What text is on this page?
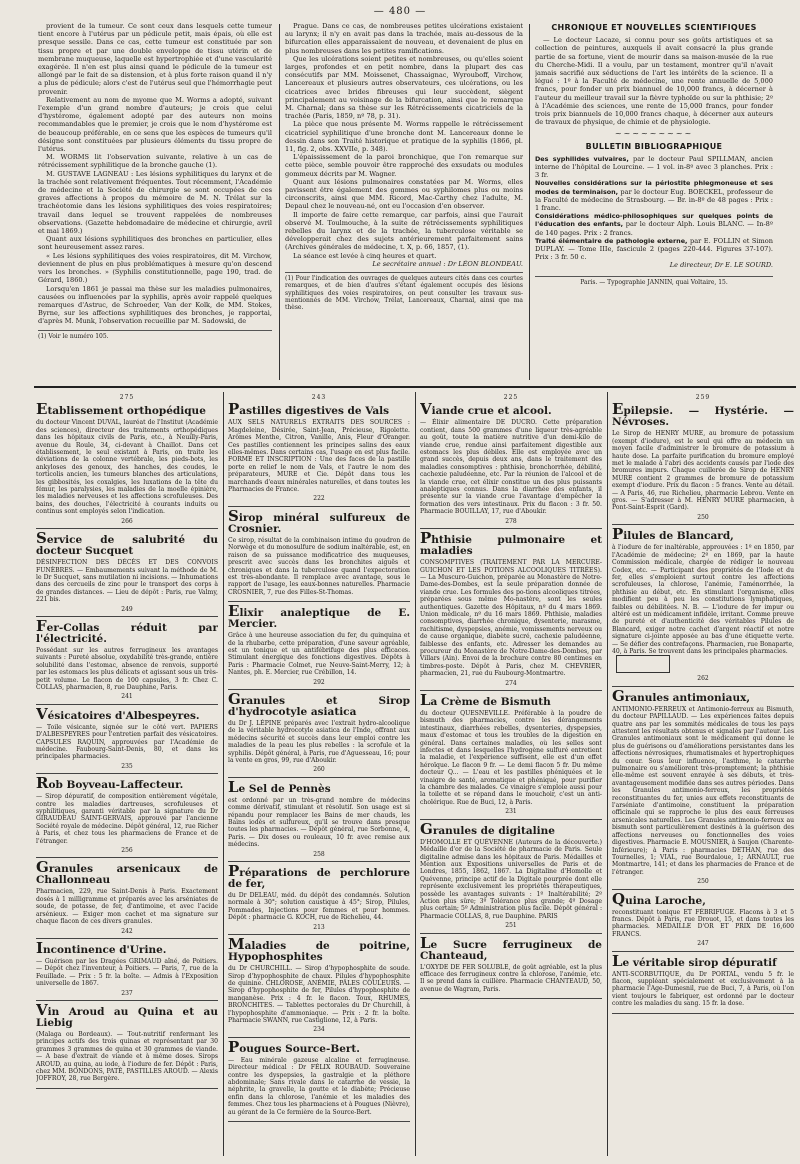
— 480 —

provient de la tumeur. Ce sont ceux dans lesquels cette tumeur tient encore à l'utérus par un pédicule petit, mais épais, où elle est presque sessile. Dans ce cas, cette tumeur est constituée par son tissu propre et par une double enveloppe de tissu utérin et de membrane muqueuse, laquelle est hypertrophiée et d'une vascularité exagérée. Il n'en est plus ainsi quand le pédicule de la tumeur est allongé par le fait de sa distension, et à plus forte raison quand il n'y a plus de pédicule; alors c'est de l'utérus seul que l'hémorrhagie peut provenir.

Relativement au nom de myome que M. Worms a adopté, suivant l'exemple d'un grand nombre d'auteurs; je crois que celui d'hystérome, également adopté par des auteurs non moins recommandables que le premier, je crois que le nom d'hystérome est de beaucoup préférable, en ce sens que les espèces de tumeurs qu'il désigne sont constituées par plusieurs éléments du tissu propre de l'utérus.

M. WORMS lit l'observation suivante, relative à un cas de rétrécissement syphilitique de la bronche gauche (1).

M. GUSTAVE LAGNEAU : Les lésions syphilitiques du larynx et de la trachée sont relativement fréquentes. Tout récemment, l'Académie de médecine et la Société de chirurgie se sont occupées de ces graves affections à propos du mémoire de M. N. Trélat sur la trachéotomie dans les lésions syphilitiques des voies respiratoires; travail dans lequel se trouvent rappelées de nombreuses observations. (Gazette hebdomadaire de médecine et chirurgie, avril et mai 1869.)

Quant aux lésions syphilitiques des bronches en particulier, elles sont heureusement assez rares.

« Les lésions syphilitiques des voies respiratoires, dit M. Virchow, deviennent de plus en plus problématiques à mesure qu'on descend vers les bronches. » (Syphilis constitutionnelle, page 190, trad. de Gérard, 1860.)

Lorsqu'en 1861 je passai ma thèse sur les maladies pulmonaires, causées ou influencées par la syphilis, après avoir rappelé quelques remarques d'Astruc, de Schroeder, Van der Kolk, de MM. Stokes, Byrne, sur les affections syphilitiques des bronches, je rapportai, d'après M. Munk, l'observation recueillie par M. Sadowski, de

(1) Voir le numéro 105.

Prague. Dans ce cas, de nombreuses petites ulcérations existaient au larynx; il n'y en avait pas dans la trachée, mais au-dessous de la bifurcation elles apparaissaient de nouveau, et devenaient de plus en plus nombreuses dans les petites ramifications.

Que les ulcérations soient petites et nombreuses, ou qu'elles soient larges, profondes et en petit nombre, dans la plupart des cas consécutifs par MM. Moissenet, Chassaignac, Wyrouboff, Virchow, Lancereaux et plusieurs autres observateurs, ces ulcérations, ou les cicatrices avec brides fibreuses qui leur succèdent, siègent principalement au voisinage de la bifurcation, ainsi que le remarque M. Charnal; dans sa thèse sur les Rétrécissements cicatriciels de la trachée (Paris, 1859, nº 78, p. 31).

La pièce que nous présente M. Worms rappelle le rétrécissement cicatriciel syphilitique d'une bronche dont M. Lancereaux donne le dessin dans son Traité historique et pratique de la syphilis (1866, pl. 11, fig. 2, obs. XXVIIe, p. 348).

L'épaississement de la paroi bronchique, que l'on remarque sur cette pièce, semble pouvoir être rapproché des exsudats ou modules gommeux décrits par M. Wagner.

Quant aux lésions pulmonaires constatées par M. Worms, elles pavissent être également des gommes ou syphilomes plus ou moins circonscrits, ainsi que MM. Ricord, Mac-Carthy chez l'adulte, M. Depaul chez le nouveau-né, ont eu l'occasion d'en observer.

Il importe de faire cette remarque, car parfois, ainsi que l'aurait observé M. Toulmouche, à la suite de rétrécissements syphilitiques rebelles du larynx et de la trachée, la tuberculose véritable se développerait chez des sujets antérieurement parfaitement sains (Archives générales de médecine, t. X, p. 66, 1857, (1).

La séance est levée à cinq heures et quart.

Le secrétaire annuel : Dr LÉON BLONDEAU.

(1) Pour l'indication des ouvrages de quelques auteurs cités dans ces courtes remarques, et de bien d'autres s'étant également occupés des lésions syphilitiques des voies respiratoires, on peut consulter les travaux sus-mentionnés de MM. Virchow, Trélat, Lancereaux, Charnal, ainsi que ma thèse.
CHRONIQUE ET NOUVELLES SCIENTIFIQUES

— Le docteur Lacaze, si connu pour ses goûts artistiques et sa collection de peintures, auxquels il avait consacré la plus grande partie de sa fortune, vient de mourir dans sa maison-musée de la rue du Cherche-Midi. Il a voulu, par un testament, montrer qu'il n'avait jamais sacrifié aux séductions de l'art les intérêts de la science. Il a légué : 1º à la Faculté de médecine, une rente annuelle de 5,000 francs, pour fonder un prix biannuel de 10,000 francs, à décerner à l'auteur du meilleur travail sur la fièvre typhoïde ou sur la phthisie; 2º à l'Académie des sciences, une rente de 15,000 francs, pour fonder trois prix biannuels de 10,000 francs chaque, à décerner aux auteurs de travaux de physique, de chimie et de physiologie.

~~~~~~~~~
BULLETIN BIBLIOGRAPHIQUE

Des syphilides vulvaires, par le docteur Paul SPILLMAN, ancien interne de l'hôpital de Lourcine. — 1 vol. in-8º avec 3 planches. Prix : 3 fr.

Nouvelles considérations sur la périostite phlegmoneuse et ses modes de terminaison, par le docteur Eug. BOECKEL, professeur de la Faculté de médecine de Strasbourg. — Br. in-8º de 48 pages : Prix : 1 franc.

Considérations médico-philosophiques sur quelques points de l'éducation des enfants, par le docteur Alph. Louis BLANC. — In-8º de 140 pages. Prix : 2 francs.

Traité élémentaire de pathologie externe, par E. FOLLIN et Simon DUPLAY. — Tome IIIe, fascicule 2 (pages 220-444. Figures 37-107). Prix : 3 fr. 50 c.

Le directeur, Dr E. LE SOURD.

Paris. — Typographie JANNIN, quai Voltaire, 15.
275
Etablissement orthopédique

du docteur Vincent DUVAL, lauréat de l'Institut (Académie des sciences), directeur des traitements orthopédiques dans les hôpitaux civils de Paris, etc., à Neuilly-Paris, avenue du Roule, 34, ci-devant à Chaillot. Dans cet établissement, le seul existant à Paris, on traite les déviations de la colonne vertébrale, les pieds-bots, les ankyloses des genoux, des hanches, des coudes, le torticolis ancien, les tumeurs blanches des articulations, les gibbosités, les coxalgies, les luxations de la tête du fémur, les paralysies, les maladies de la moelle épinière, les maladies nerveuses et les affections scrofuleuses. Des bains, des douches, l'électricité à courants induits ou continus sont employés selon l'indication.

266
Service de salubrité du docteur Sucquet

DÉSINFECTION DES DÉCÈS ET DES CONVOIS FUNÈBRES. — Embaumements suivant la méthode de M. le Dr Sucquet, sans mutilation ni incisions. — Inhumations dans des cercueils de zinc pour le transport des corps à de grandes distances. — Lieu de dépôt : Paris, rue Valmy, 221 bis.

249
Fer-Collas réduit par l'électricité.

Possédant sur les autres ferrugineux les avantages suivants : Pureté absolue, oxydabilité très-grande, entière solubilité dans l'estomac, absence de renvois, supporté par les estomacs les plus délicats et agissant sous un très-petit volume. Le flacon de 100 capsules, 3 fr. Chez C. COLLAS, pharmacien, 8, rue Dauphine, Paris.

241
Vésicatoires d'Albespeyres.

— Toile vésicante, signée sur le côté vert. PAPIERS D'ALBESPEYRES pour l'entretien parfait des vésicatoires. CAPSULES RAQUIN, approuvées par l'Académie de médecine. Faubourg-Saint-Denis, 80, et dans les principales pharmacies.

235
Rob Boyveau-Laffecteur.

— Sirop dépuratif, de composition entièrement végétale, contre les maladies dartreuses, scrofuleuses et syphilitiques, garanti véritable par la signature du Dr GIRAUDEAU SAINT-GERVAIS, approuvé par l'ancienne Société royale de médecine. Dépôt général, 12, rue Richer à Paris, et chez tous les pharmaciens de France et de l'étranger.

256
Granules arsenicaux de Challonneau

Pharmacien, 229, rue Saint-Denis à Paris. Exactement dosés à 1 milligramme et préparés avec les arséniates de soude, de potasse, de fer, d'antimoine, et avec l'acide arsénieux. — Exiger mon cachet et ma signature sur chaque flacon de ces divers granules.

242
Incontinence d'Urine.

— Guérison par les Dragées GRIMAUD aîné, de Poitiers. — Dépôt chez l'inventeur, à Poitiers. — Paris, 7, rue de la Feuillade. — Prix : 5 fr. la boîte. — Admis à l'Exposition universelle de 1867.

237
Vin Aroud au Quina et au Liebig

(Malaga ou Bordeaux). — Tout-nutritif renfermant les principes actifs des trois quinas et représentant par 30 grammes 3 grammes de quina et 30 grammes de viande. — A base d'extrait de viande et à même doses. Sirops AROUD, au quina, au iode, à l'iodure de fer. Dépôt : Paris, chez MM. BONDONS, PATÉ, PASTILLES AROUD. — Alexis JOFFROY, 28, rue Bergère.

243
Pastilles digestives de Vals

AUX SELS NATURELS EXTRAITS DES SOURCES : Magdeleine, Désirée, Saint-Jean, Précieuse, Rigolette. Arômes Menthe, Citron, Vanille, Anis, Fleur d'Oranger. Ces pastilles contiennent les principes salins des eaux elles-mêmes. Dans certains cas, l'usage en est plus facile. FORME ET INSCRIPTION : Une des faces de la pastille porte en relief le nom de Vals, et l'autre le nom des préparateurs, MURE et Cie. Dépôt dans tous les marchands d'eaux minérales naturelles, et dans toutes les Pharmacies de France.

222
Sirop minéral sulfureux de Crosnier.

Ce sirop, résultat de la combinaison intime du goudron de Norwège et du monosulfure de sodium inaltérable, est, en raison de sa puissance modificatrice des muqueuses, prescrit avec succès dans les bronchites aiguës et chroniques et dans la tuberculose quand l'expectoration est très-abondante. Il remplace avec avantage, sous le rapport de l'usage, les eaux-bonnes naturelles. Pharmacie CROSNIER, 7, rue des Filles-St-Thomas.

Elixir analeptique de E. Mercier.

Grâce à une heureuse association du fer, du quinquina et de la rhubarbe, cette préparation, d'une saveur agréable, est un tonique et un antifébrifuge des plus efficaces. Stimulant énergique des fonctions digestives. Dépôts à Paris : Pharmacie Colmet, rue Neuve-Saint-Merry, 12; à Nantes, ph. E. Mercier, rue Crébillon, 14.

292
Granules et Sirop d'hydrocotyle asiatica

du Dr J. LÉPINE préparés avec l'extrait hydro-alcoolique de la véritable hydrocotyle asiatica de l'Inde, offrant aux médecins sécurité et succès dans leur emploi contre les maladies de la peau les plus rebelles : la scrofule et la syphilis. Dépôt général, à Paris, rue d'Aguesseau, 16; pour la vente en gros, 99, rue d'Aboukir.

260
Le Sel de Pennès

est ordonné par un très-grand nombre de médecins comme dérivatif, stimulant et résolutif. Son usage est si répandu pour remplacer les Bains de mer chauds, les Bains iodés et sulfureux, qu'il se trouve dans presque toutes les pharmacies. — Dépôt général, rue Sorbonne, 4, Paris. — Dix doses ou rouleaux, 10 fr. avec remise aux médecins.

258
Préparations de perchlorure de fer,

du Dr DELEAU, méd. du dépôt des condamnés. Solution normale à 30°; solution caustique à 45°; Sirop, Pilules, Pommades, Injections pour femmes et pour hommes. Dépôt : pharmacie G. KOCH, rue de Richelieu, 44.

213
Maladies de poitrine, Hypophosphites

du Dr CHURCHILL. — Sirop d'hypophosphite de soude. Sirop d'hypophosphite de chaux. Pilules d'hypophosphite de quinine. CHLOROSE, ANÉMIE, PÂLES COULEURS. — Sirop d'hypophosphite de fer, Pilules d'hypophosphite de manganèse. Prix : 4 fr. le flacon. Toux, RHUMES, BRONCHITES. — Tablettes pectorales du Dr Churchill, à l'hypophosphite d'ammoniaque. — Prix : 2 fr. la boîte. Pharmacie SWANN, rue Castiglione, 12, à Paris.

234
Pougues Source-Bert.

— Eau minérale gazeuse alcaline et ferrugineuse. Directeur médical : Dr FÉLIX ROUBAUD. Souveraine contre les dyspepsies, la gastralgie et la pléthore abdominale; Sans rivale dans le catarrhe de vessie, la néphrite, la gravelle, la goutte et le diabète; Précieuse enfin dans la chlorose, l'anémie et les maladies des femmes. Chez tous les pharmaciens et à Pougues (Nièvre), au gérant de la Ce fermière de la Source-Bert.

225
Viande crue et alcool.

— Élixir alimentaire DE DUCRO. Cette préparation contient, dans 500 grammes d'une liqueur très-agréable au goût, toute la matière nutritive d'un demi-kilo de viande crue, rendue ainsi parfaitement digestible aux estomacs les plus débiles. Elle est employée avec un grand succès, depuis deux ans, dans le traitement des maladies consomptives : phthisie, bronchorrhée, débilité, cachexie paludéenne, etc. Par la réunion de l'alcool et de la viande crue, cet élixir constitue un des plus puissants analeptiques connus. Dans la diarrhée des enfants, il présente sur la viande crue l'avantage d'empêcher la formation des vers intestinaux. Prix du flacon : 3 fr. 50. Pharmacie BOUILLAY, 17, rue d'Aboukir.

278
Phthisie pulmonaire et maladies

CONSOMPTIVES (TRAITEMENT PAR LA MERCURE-GUICHON ET LES POTIONS ALCOOLIQUES TITRÉES). — La Muscuro-Guichon, préparée au Monastère de Notre-Dame-des-Dombes, est la seule préparation donnée de viande crue. Les formules des po-tions alcooliques titrées, préparées sous même Mo-nastère, sont les seules authentiques. Gazette des Hôpitaux, nº du 4 mars 1869. Union médicale, nº du 16 mars 1869. Phthisie, maladies consomptives, diarrhée chronique, dysenterie, marasme, rachitisme, dyspepsies, anémie, vomissements nerveux ou de cause organique, diabète sucré, cachexie paludéenne, faiblesse des enfants, etc. Adresser les demandes au procureur du Monastère de Notre-Dame-des-Dombes, par Villars (Ain). Envoi de la brochure contre 80 centimes en timbres-poste. Dépôt à Paris, chez M. CHEVRIER, pharmacien, 21, rue du Faubourg-Montmartre.

274
La Crème de Bismuth

du docteur QUESNEVILLE. Préférable à la poudre de bismuth des pharmacies, contre les dérangements intestinaux, diarrhées rebelles, dysenteries, dyspepsies, maux d'estomac et tous les troubles de la digestion en général. Dans certaines maladies, où les selles sont infectes et dans lesquelles l'hydrogène sulfuré entretient la maladie, et l'expérience suffisent, elle est d'un effet héroïque. Le flacon 9 fr. — Le demi flacon 5 fr. Du même docteur Q... — L'eau et les pastilles phéniquées et le vinaigre de santé, aromatique et phéniqué, pour purifier la chambre des malades. Ce vinaigre s'emploie aussi pour la toilette et se répand dans le mouchoir, c'est un anti-cholérique. Rue de Buci, 12, à Paris.

231
Granules de digitaline

D'HOMOLLE ET QUÉVENNE (Auteurs de la découverte.) Médaille d'or de la Société de pharmacie de Paris. Seule digitaline admise dans les hôpitaux de Paris. Médailles et Mention aux Expositions universelles de Paris et de Londres, 1855, 1862, 1867. La Digitaline d'Homolle et Quévenne, principe actif de la Digitale pourprée dont elle représente exclusivement les propriétés thérapeutiques, possède les avantages suivants : 1º Inaltérabilité; 2º Action plus sûre; 3º Tolérance plus grande; 4º Dosage plus certain; 5º Administration plus facile. Dépôt général : Pharmacie COLLAS, 8, rue Dauphine. PARIS

251
Le Sucre ferrugineux de Chanteaud,

L'OXYDE DE FER SOLUBLE, de goût agréable, est la plus efficace des ferrugineux contre la chlorose, l'anémie, etc. Il se prend dans la cuillère. Pharmacie CHANTEAUD, 50, avenue de Wagram, Paris.

259
Epilepsie. — Hystérie. — Névroses.

Le Sirop de HENRY MURE, au bromure de potassium (exempt d'iodure), est le seul qui offre au médecin un moyen facile d'administrer le bromure de potassium à haute dose. La parfaite purification du bromure employé met le malade à l'abri des accidents causés par l'iode des bromures impurs. Chaque cuillerée de Sirop de HENRY MURE contient 2 grammes de bromure de potassium exempt d'iodure. Prix du flacon : 5 francs. Vente au détail. — A Paris, 46, rue Richelieu, pharmacie Lebrou. Vente en gros. — S'adresser à M. HENRY MURE pharmacien, à Pont-Saint-Esprit (Gard).

250
Pilules de Blancard,

à l'iodure de fer inaltérable, approuvées : 1º en 1850, par l'Académie de médecine; 2º en 1869, par la haute Commission médicale, chargée de rédiger le nouveau Codex, etc. — Participant des propriétés de l'Iode et du fer, elles s'emploient surtout contre les affections scrofuleuses, la chlorose, l'anémie, l'aménorrhée, la phthisie au début, etc. En stimulant l'organisme, elles modifient peu à peu les constitutions lymphatiques, faibles ou débilitées. N. B. — L'iodure de fer impur ou altéré est un médicament infidèle, irritant. Comme preuve de pureté et d'authenticité des véritables Pilules de Blancard, exiger notre cachet d'argent réactif et notre signature ci-jointe apposée au bas d'une étiquette verte. — Se défier des contrefaçons. Pharmacien, rue Bonaparte, 40, à Paris. Se trouvent dans les principales pharmacies.

262
Granules antimoniaux,

ANTIMONIO-FERREUX et Antimonio-ferreux au Bismuth, du docteur PAPILLAUD. — Les expériences faites depuis quatre ans par les sommités médicales de tous les pays attestent les résultats obtenus et signalés par l'auteur. Les Granules antimoniaux sont le médicament qui donne le plus de guérisons ou d'améliorations persistantes dans les affections névrosiques, rhumatismales et hypertrophiques du cœur. Sous leur influence, l'asthme, le catarrhe pulmonaire ou s'améliorent très-promptement; la phthisie elle-même est souvent enrayée à ses débuts, et très-avantageusement modifiée dans ses autres périodes. Dans les Granules antimonio-ferreux, les propriétés reconstituantes du fer, unies aux effets reconstituants de l'arséniate d'antimoine, constituent la préparation officinale qui se rapproche le plus des eaux ferreuses arsenicales naturelles. Les Granules antimonio-ferreux au bismuth sont particulièrement destinés à la guérison des affections nerveuses ou fonctionnelles des voies digestives. Pharmacie E. MOUSNIER, à Saujon (Charente-Inférieure); à Paris : pharmacies DETHAN, rue des Tournelles, 1; VIAL, rue Bourdaloue, 1; ARNAULT, rue Montmartre, 141; et dans les pharmacies de France et de l'étranger.

250
Quina Laroche,

reconstituant tonique ET FÉBRIFUGE. Flacons à 3 et 5 francs. Dépôt à Paris, rue Drouot, 15, et dans toutes les pharmacies. MÉDAILLE D'OR ET PRIX DE 16,600 FRANCS.

247
Le véritable sirop dépuratif

ANTI-SCORBUTIQUE, du Dr PORTAL, vendu 5 fr. le flacon, suppléant spécialement et exclusivement à la pharmacie l'Age-Dumesnil, rue de Buci, 7, à Paris, où l'on vient toujours le fabriquer, est ordonné par le docteur contre les maladies du sang. 15 fr. la dose.
